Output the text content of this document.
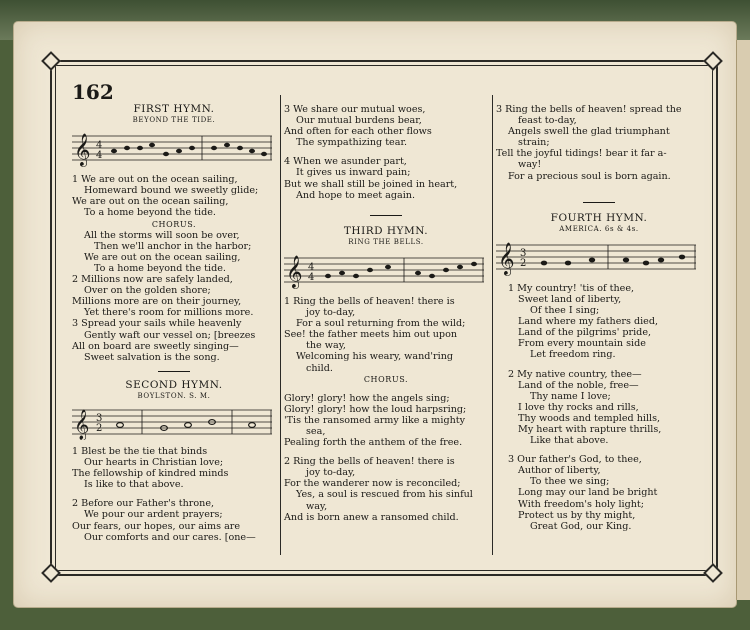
162

FIRST HYMN.

BEYOND THE TIDE.

𝄞 4
4

1 We are out on the ocean sailing,

Homeward bound we sweetly glide;

We are out on the ocean sailing,

To a home beyond the tide.

CHORUS.

All the storms will soon be over,

Then we'll anchor in the harbor;

We are out on the ocean sailing,

To a home beyond the tide.

2 Millions now are safely landed,

Over on the golden shore;

Millions more are on their journey,

Yet there's room for millions more.

3 Spread your sails while heavenly

Gently waft our vessel on; [breezes

All on board are sweetly singing—

Sweet salvation is the song.

SECOND HYMN.

BOYLSTON. S. M.

𝄞 3
2

1 Blest be the tie that binds

Our hearts in Christian love;

The fellowship of kindred minds

Is like to that above.

2 Before our Father's throne,

We pour our ardent prayers;

Our fears, our hopes, our aims are

Our comforts and our cares. [one—

3 We share our mutual woes,

Our mutual burdens bear,

And often for each other flows

The sympathizing tear.

4 When we asunder part,

It gives us inward pain;

But we shall still be joined in heart,

And hope to meet again.

THIRD HYMN.

RING THE BELLS.

𝄞 4
4

1 Ring the bells of heaven! there is

joy to-day,

For a soul returning from the wild;

See! the father meets him out upon

the way,

Welcoming his weary, wand'ring

child.

CHORUS.

Glory! glory! how the angels sing;

Glory! glory! how the loud harpsring;

'Tis the ransomed army like a mighty

sea,

Pealing forth the anthem of the free.

2 Ring the bells of heaven! there is

joy to-day,

For the wanderer now is reconciled;

Yes, a soul is rescued from his sinful

way,

And is born anew a ransomed child.

3 Ring the bells of heaven! spread the

feast to-day,

Angels swell the glad triumphant

strain;

Tell the joyful tidings! bear it far a-

way!

For a precious soul is born again.

FOURTH HYMN.

AMERICA. 6s & 4s.

𝄞 3
2

1 My country! 'tis of thee,

Sweet land of liberty,

Of thee I sing;

Land where my fathers died,

Land of the pilgrims' pride,

From every mountain side

Let freedom ring.

2 My native country, thee—

Land of the noble, free—

Thy name I love;

I love thy rocks and rills,

Thy woods and templed hills,

My heart with rapture thrills,

Like that above.

3 Our father's God, to thee,

Author of liberty,

To thee we sing;

Long may our land be bright

With freedom's holy light;

Protect us by thy might,

Great God, our King.
